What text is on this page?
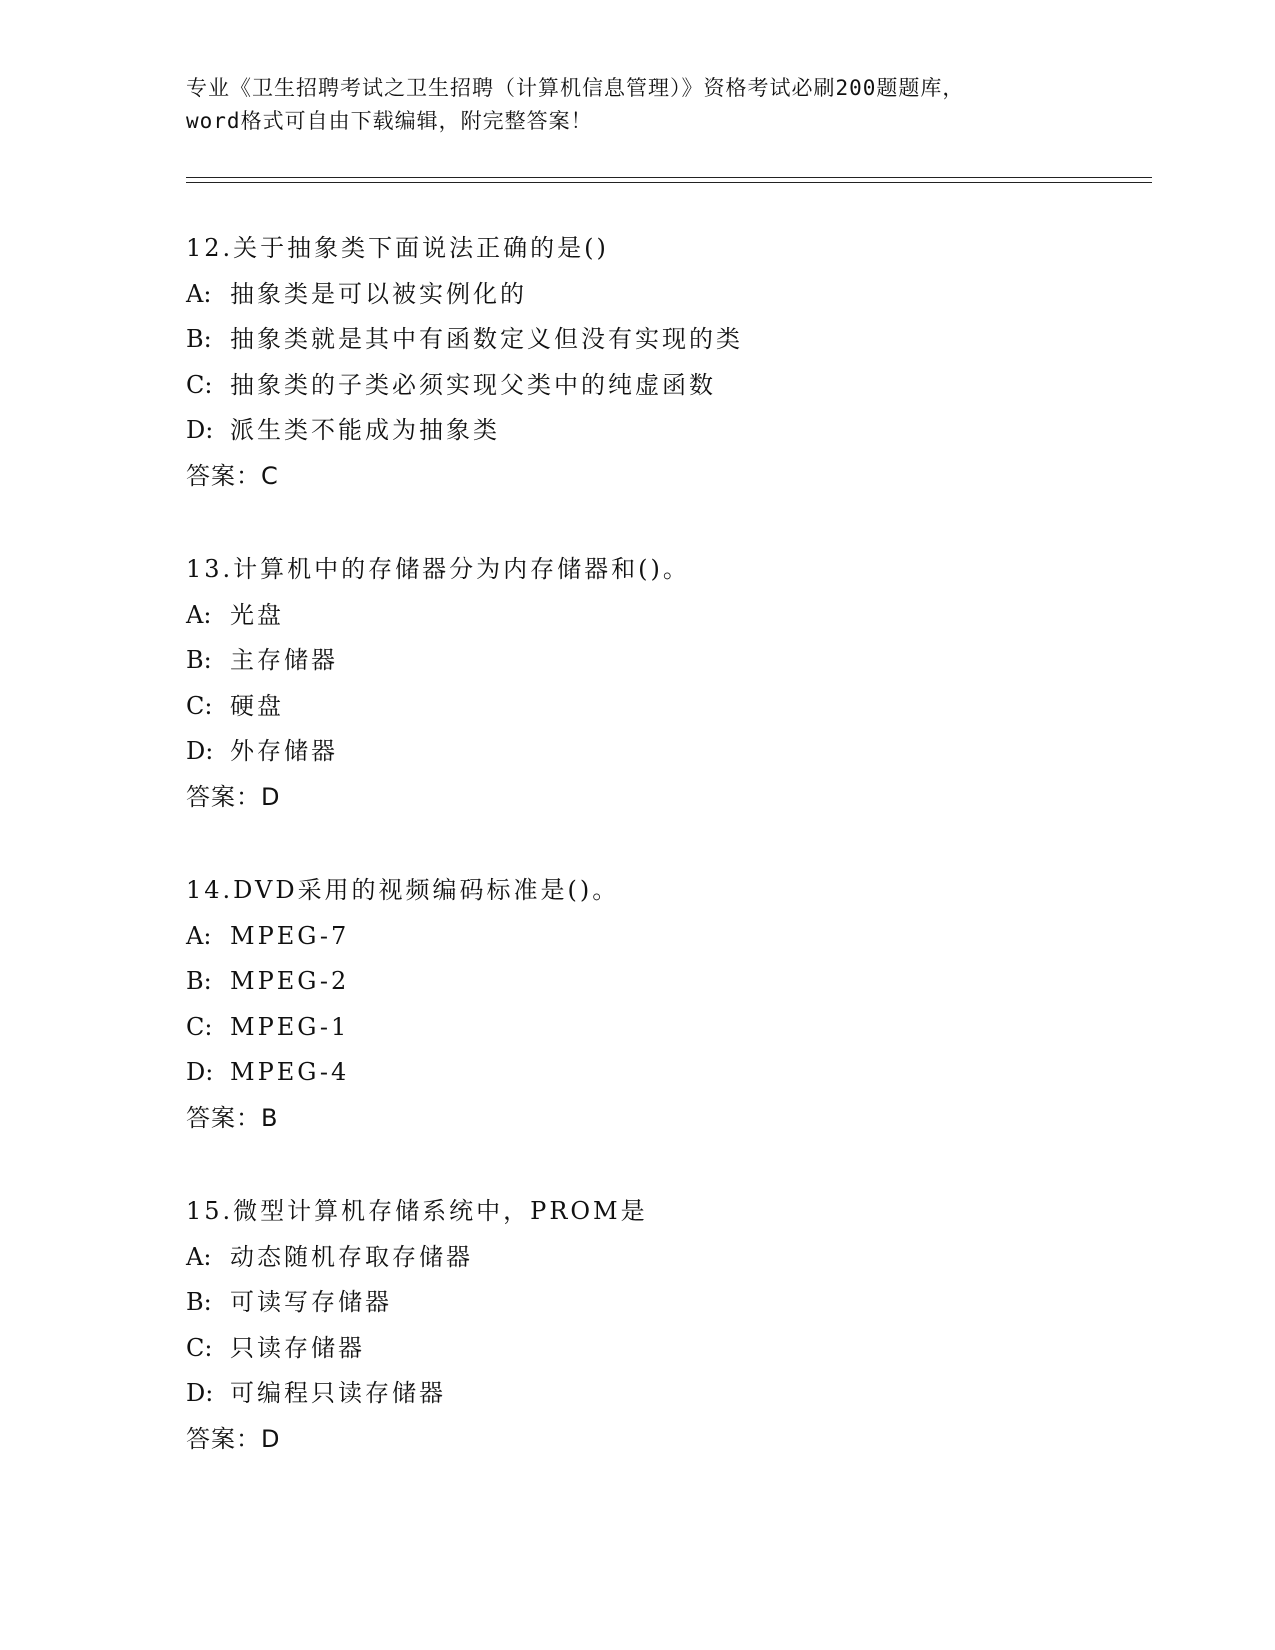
专业《卫生招聘考试之卫生招聘（计算机信息管理）》资格考试必刷200题题库，
word格式可自由下载编辑，附完整答案！
12.关于抽象类下面说法正确的是()
A: 抽象类是可以被实例化的
B: 抽象类就是其中有函数定义但没有实现的类
C: 抽象类的子类必须实现父类中的纯虚函数
D: 派生类不能成为抽象类
答案：C
13.计算机中的存储器分为内存储器和()。
A: 光盘
B: 主存储器
C: 硬盘
D: 外存储器
答案：D
14.DVD采用的视频编码标准是()。
A: MPEG-7
B: MPEG-2
C: MPEG-1
D: MPEG-4
答案：B
15.微型计算机存储系统中，PROM是
A: 动态随机存取存储器
B: 可读写存储器
C: 只读存储器
D: 可编程只读存储器
答案：D
